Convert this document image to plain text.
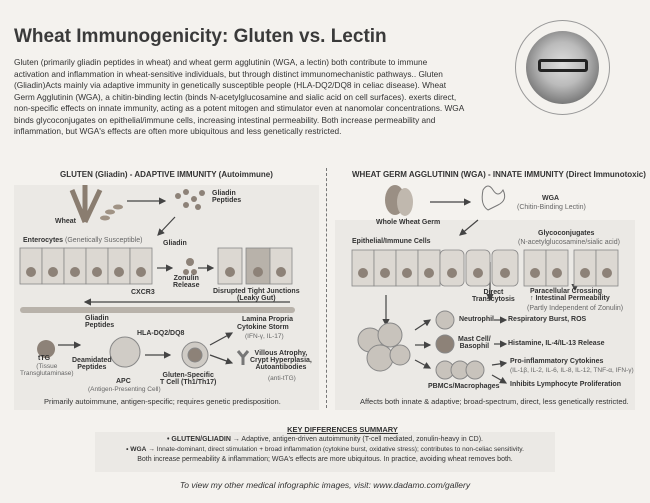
Wheat Immunogenicity: Gluten vs. Lectin
Gluten (primarily gliadin peptides in wheat) and wheat germ agglutinin (WGA, a lectin) both contribute to immune activation and inflammation in wheat-sensitive individuals, but through distinct immunomechanistic pathways.. Gluten (Gliadin)Acts mainly via adaptive immunity in genetically susceptible people (HLA-DQ2/DQ8 in celiac disease). Wheat Germ Agglutinin (WGA), a chitin-binding lectin (binds N-acetylglucosamine and sialic acid on cell surfaces). exerts direct, non-specific effects on innate immunity, acting as a potent mitogen and stimulator even at nanomolar concentrations. WGA binds glycoconjugates on epithelial/immune cells, increasing intestinal permeability. Both increase permeability and inflammation, but WGA's effects are often more ubiquitous and less genetically restricted.
GLUTEN (Gliadin) - ADAPTIVE IMMUNITY (Autoimmune)
Wheat
Gliadin
Peptides
Enterocytes (Genetically Susceptible)	Gliadin
CXCR3
Zonulin
Release
Disrupted Tight Junctions
(Leaky Gut)
Lamina Propria
Gliadin
Peptides
tTG
(Tissue
Transglutaminase)
Deamidated
Peptides
HLA-DQ2/DQ8
APC
(Antigen-Presenting Cell)
Gluten-Specific
T Cell (Th1/Th17)
Cytokine Storm
(IFN-γ, IL-17)
Villous Atrophy,
Crypt Hyperplasia,
Autoantibodies
(anti-tTG)
Primarily autoimmune, antigen-specific; requires genetic predisposition.
WHEAT GERM AGGLUTININ (WGA) - INNATE IMMUNITY (Direct Immunotoxic)
Whole Wheat Germ
WGA
(Chitin-Binding Lectin)
Epithelial/Immune Cells
Glycoconjugates
(N-acetylglucosamine/sialic acid)
Direct
Transcytosis
Paracellular Crossing
↑ Intestinal Permeability
(Partly Independent of Zonulin)
Neutrophil Respiratory Burst, ROS
Mast Cell/
Basophil	Histamine, IL-4/IL-13 Release
Pro-inflammatory Cytokines
(IL-1β, IL-2, IL-6, IL-8, IL-12, TNF-α, IFN-γ)
PBMCs/Macrophages Inhibits Lymphocyte Proliferation
Affects both innate & adaptive; broad-spectrum, direct, less genetically restricted.
KEY DIFFERENCES SUMMARY
• GLUTEN/GLIADIN → Adaptive, antigen-driven autoimmunity (T-cell mediated, zonulin-heavy in CD).
• WGA → Innate-dominant, direct stimulation + broad inflammation (cytokine burst, oxidative stress); contributes to non-celiac sensitivity.
Both increase permeability & inflammation; WGA's effects are more ubiquitous. In practice, avoiding wheat removes both.
To view my other medical infographic images, visit: www.dadamo.com/gallery
